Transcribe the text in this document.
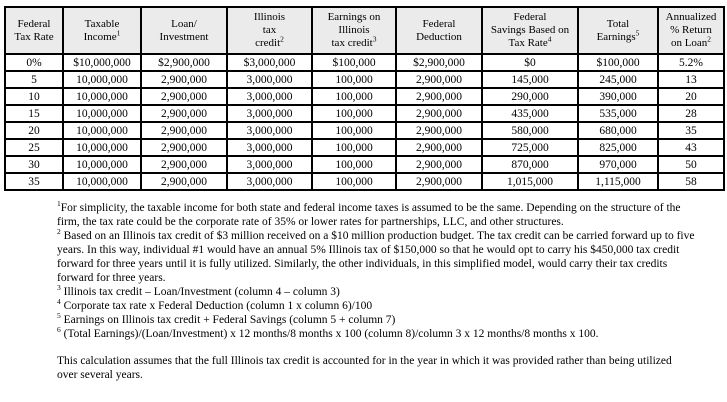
Federal
Tax Rate	Taxable
Income$^1$	Loan/
Investment	Illinois
tax
credit$^2$	Earnings on
Illinois
tax credit$^3$	Federal
Deduction	Federal
Savings Based on
Tax Rate$^4$	Total
Earnings$^5$	Annualized
% Return
on Loan$^2$
0%	$10,000,000	$2,900,000	$3,000,000	$100,000	$2,900,000	$0	$100,000	5.2%
5	10,000,000	2,900,000	3,000,000	100,000	2,900,000	145,000	245,000	13
10	10,000,000	2,900,000	3,000,000	100,000	2,900,000	290,000	390,000	20
15	10,000,000	2,900,000	3,000,000	100,000	2,900,000	435,000	535,000	28
20	10,000,000	2,900,000	3,000,000	100,000	2,900,000	580,000	680,000	35
25	10,000,000	2,900,000	3,000,000	100,000	2,900,000	725,000	825,000	43
30	10,000,000	2,900,000	3,000,000	100,000	2,900,000	870,000	970,000	50
35	10,000,000	2,900,000	3,000,000	100,000	2,900,000	1,015,000	1,115,000	58

$^1$For simplicity, the taxable income for both state and federal income taxes is assumed to be the same. Depending on the structure of the firm, the tax rate could be the corporate rate of 35% or lower rates for partnerships, LLC, and other structures.

$^2$ Based on an Illinois tax credit of $3 million received on a $10 million production budget. The tax credit can be carried forward up to five years. In this way, individual #1 would have an annual 5% Illinois tax of $150,000 so that he would opt to carry his $450,000 tax credit forward for three years until it is fully utilized. Similarly, the other individuals, in this simplified model, would carry their tax credits forward for three years.

$^3$ Illinois tax credit – Loan/Investment (column 4 – column 3)

$^4$ Corporate tax rate x Federal Deduction (column 1 x column 6)/100

$^5$ Earnings on Illinois tax credit + Federal Savings (column 5 + column 7)

$^6$ (Total Earnings)/(Loan/Investment) x 12 months/8 months x 100 (column 8)/column 3 x 12 months/8 months x 100.

This calculation assumes that the full Illinois tax credit is accounted for in the year in which it was provided rather than being utilized over several years.
